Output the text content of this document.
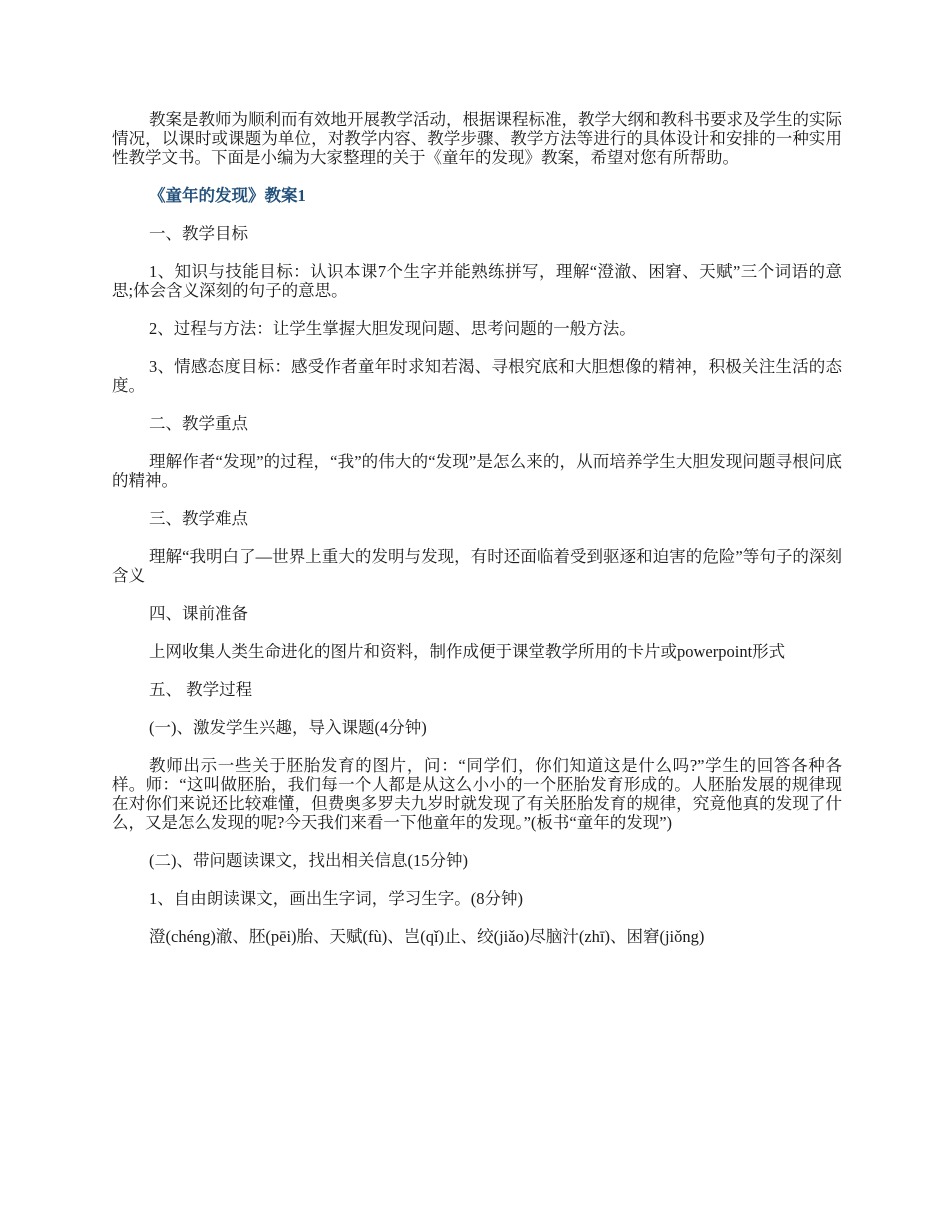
教案是教师为顺利而有效地开展教学活动，根据课程标准，教学大纲和教科书要求及学生的实际情况，以课时或课题为单位，对教学内容、教学步骤、教学方法等进行的具体设计和安排的一种实用性教学文书。下面是小编为大家整理的关于《童年的发现》教案，希望对您有所帮助。

《童年的发现》教案1

一、教学目标

1、知识与技能目标：认识本课7个生字并能熟练拼写，理解“澄澈、困窘、天赋”三个词语的意思;体会含义深刻的句子的意思。

2、过程与方法：让学生掌握大胆发现问题、思考问题的一般方法。

3、情感态度目标：感受作者童年时求知若渴、寻根究底和大胆想像的精神，积极关注生活的态度。

二、教学重点

理解作者“发现”的过程，“我”的伟大的“发现”是怎么来的，从而培养学生大胆发现问题寻根问底的精神。

三、教学难点

理解“我明白了—世界上重大的发明与发现，有时还面临着受到驱逐和迫害的危险”等句子的深刻含义

四、课前准备

上网收集人类生命进化的图片和资料，制作成便于课堂教学所用的卡片或powerpoint形式

五、 教学过程

(一)、激发学生兴趣，导入课题(4分钟)

教师出示一些关于胚胎发育的图片，问：“同学们，你们知道这是什么吗?”学生的回答各种各样。师：“这叫做胚胎，我们每一个人都是从这么小小的一个胚胎发育形成的。人胚胎发展的规律现在对你们来说还比较难懂，但费奥多罗夫九岁时就发现了有关胚胎发育的规律，究竟他真的发现了什么，又是怎么发现的呢?今天我们来看一下他童年的发现。”(板书“童年的发现”)

(二)、带问题读课文，找出相关信息(15分钟)

1、自由朗读课文，画出生字词，学习生字。(8分钟)

澄(chéng)澈、胚(pēi)胎、天赋(fù)、岂(qǐ)止、绞(jiǎo)尽脑汁(zhī)、困窘(jiǒng)
